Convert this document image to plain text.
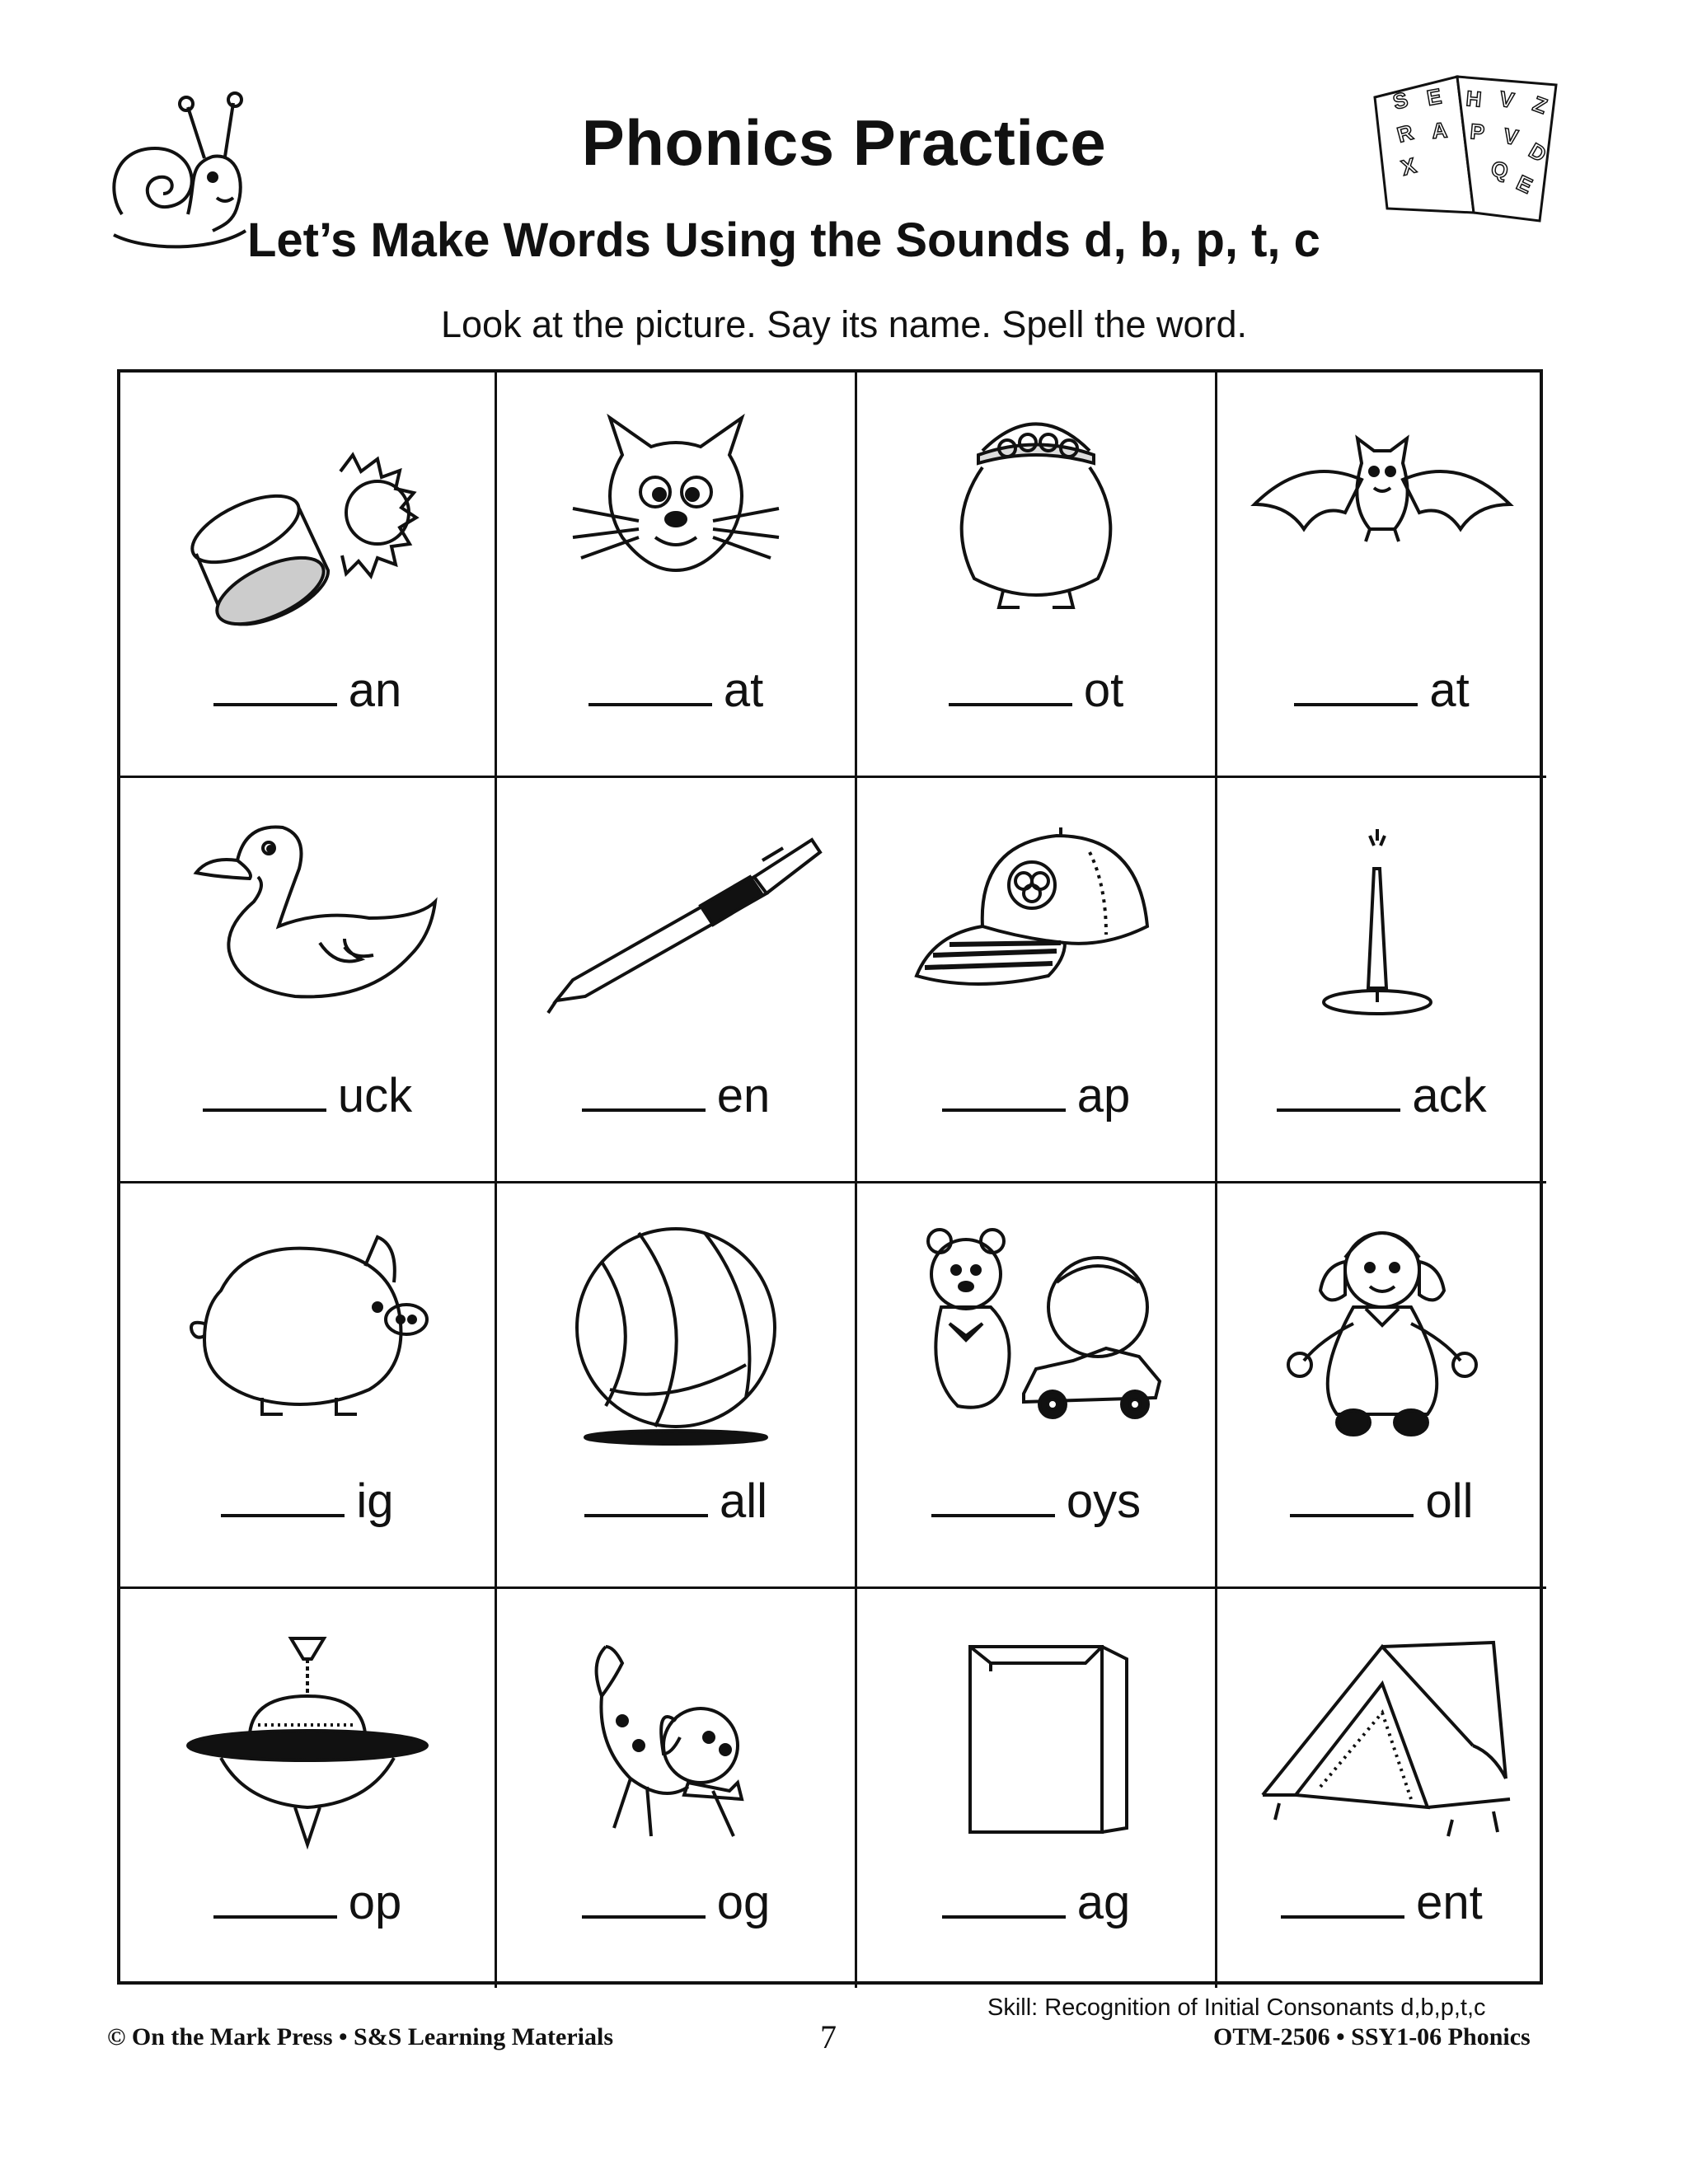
Phonics Practice
Let’s Make Words Using the Sounds d, b, p, t, c
S E H V Z
R A P V
D
X	Q
E
Look at the picture. Say its name. Spell the word.
an	at	ot	at
uck	en	ap	ack
ig	all	oys	oll
op	og	ag	ent
© On the Mark Press • S&S Learning Materials	7
Skill: Recognition of Initial Consonants d,b,p,t,c
OTM-2506 • SSY1-06 Phonics
